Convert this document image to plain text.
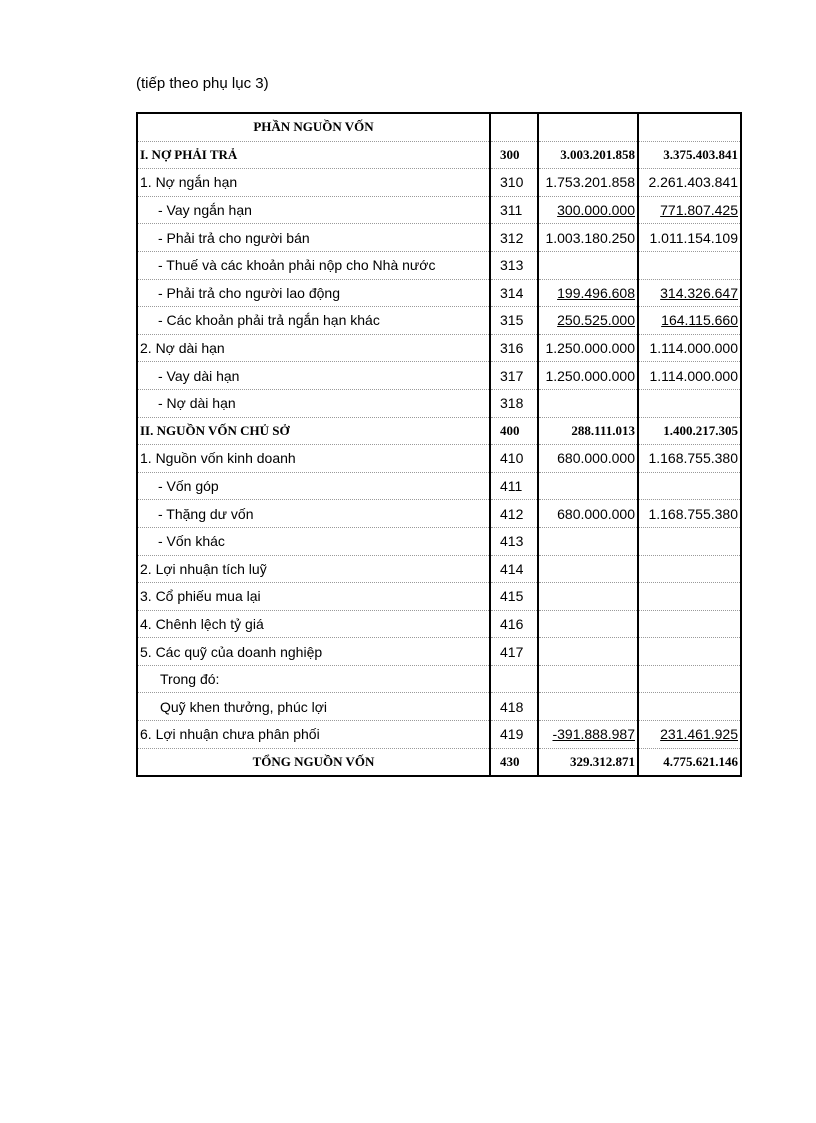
(tiếp theo phụ lục 3)
PHẦN NGUỒN VỐN			
I. NỢ PHẢI TRẢ	300	3.003.201.858	3.375.403.841
1. Nợ ngắn hạn	310	1.753.201.858	2.261.403.841
- Vay ngắn hạn	311	300.000.000	771.807.425
- Phải trả cho người bán	312	1.003.180.250	1.011.154.109
- Thuế và các khoản phải nộp cho Nhà nước	313		
- Phải trả cho người lao động	314	199.496.608	314.326.647
- Các khoản phải trả ngắn hạn khác	315	250.525.000	164.115.660
2. Nợ dài hạn	316	1.250.000.000	1.114.000.000
- Vay dài hạn	317	1.250.000.000	1.114.000.000
- Nợ dài hạn	318		
II. NGUỒN VỐN CHỦ SỞ	400	288.111.013	1.400.217.305
1. Nguồn vốn kinh doanh	410	680.000.000	1.168.755.380
- Vốn góp	411		
- Thặng dư vốn	412	680.000.000	1.168.755.380
- Vốn khác	413		
2. Lợi nhuận tích luỹ	414		
3. Cổ phiếu mua lại	415		
4. Chênh lệch tỷ giá	416		
5. Các quỹ của doanh nghiệp	417		
Trong đó:			
Quỹ khen thưởng, phúc lợi	418		
6. Lợi nhuận chưa phân phối	419	-391.888.987	231.461.925
TỔNG NGUỒN VỐN	430	329.312.871	4.775.621.146
